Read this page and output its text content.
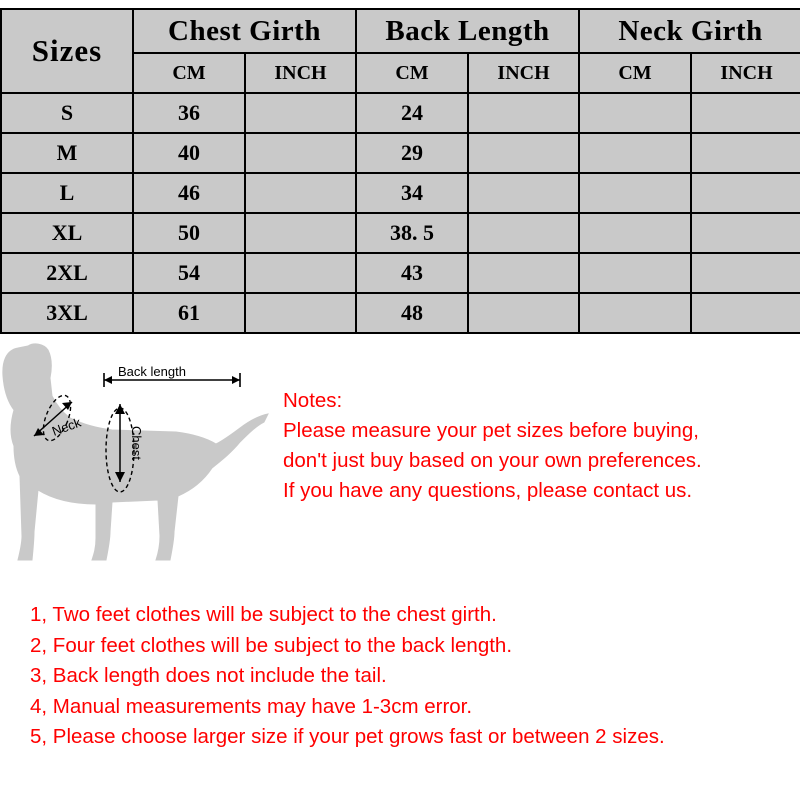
Sizes	Chest Girth		Back Length		Neck Girth	
	CM	INCH	CM	INCH	CM	INCH
S	36		24			
M	40		29			
L	46		34			
XL	50		38. 5			
2XL	54		43			
3XL	61		48			
Back length
Neck	Chest
Notes:
Please measure your pet sizes before buying,
don't just buy based on your own preferences.
If you have any questions, please contact us.
1, Two feet clothes will be subject to the chest girth.
2, Four feet clothes will be subject to the back length.
3, Back length does not include the tail.
4, Manual measurements may have 1-3cm error.
5, Please choose larger size if your pet grows fast or between 2 sizes.
